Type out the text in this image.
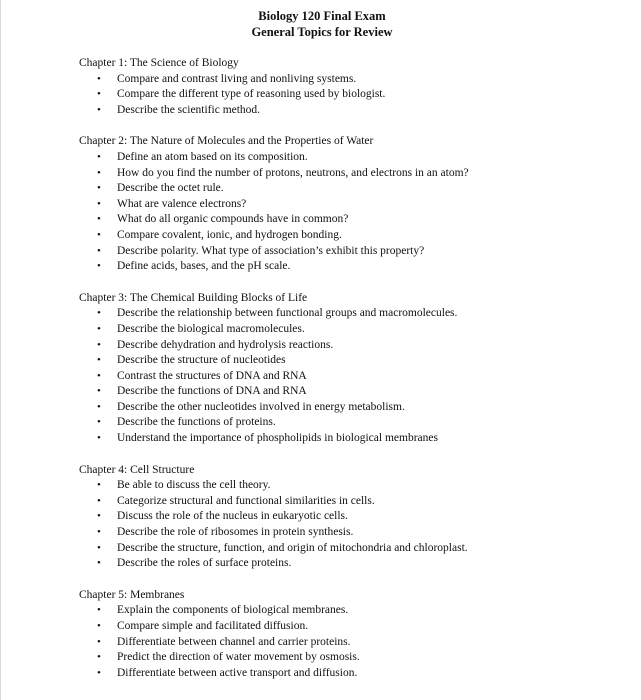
Biology 120 Final Exam
General Topics for Review
Chapter 1: The Science of Biology
• Compare and contrast living and nonliving systems.
• Compare the different type of reasoning used by biologist.
• Describe the scientific method.
Chapter 2: The Nature of Molecules and the Properties of Water
• Define an atom based on its composition.
• How do you find the number of protons, neutrons, and electrons in an atom?
• Describe the octet rule.
• What are valence electrons?
• What do all organic compounds have in common?
• Compare covalent, ionic, and hydrogen bonding.
• Describe polarity. What type of association’s exhibit this property?
• Define acids, bases, and the pH scale.
Chapter 3: The Chemical Building Blocks of Life
• Describe the relationship between functional groups and macromolecules.
• Describe the biological macromolecules.
• Describe dehydration and hydrolysis reactions.
• Describe the structure of nucleotides
• Contrast the structures of DNA and RNA
• Describe the functions of DNA and RNA
• Describe the other nucleotides involved in energy metabolism.
• Describe the functions of proteins.
• Understand the importance of phospholipids in biological membranes
Chapter 4: Cell Structure
• Be able to discuss the cell theory.
• Categorize structural and functional similarities in cells.
• Discuss the role of the nucleus in eukaryotic cells.
• Describe the role of ribosomes in protein synthesis.
• Describe the structure, function, and origin of mitochondria and chloroplast.
• Describe the roles of surface proteins.
Chapter 5: Membranes
• Explain the components of biological membranes.
• Compare simple and facilitated diffusion.
• Differentiate between channel and carrier proteins.
• Predict the direction of water movement by osmosis.
• Differentiate between active transport and diffusion.
